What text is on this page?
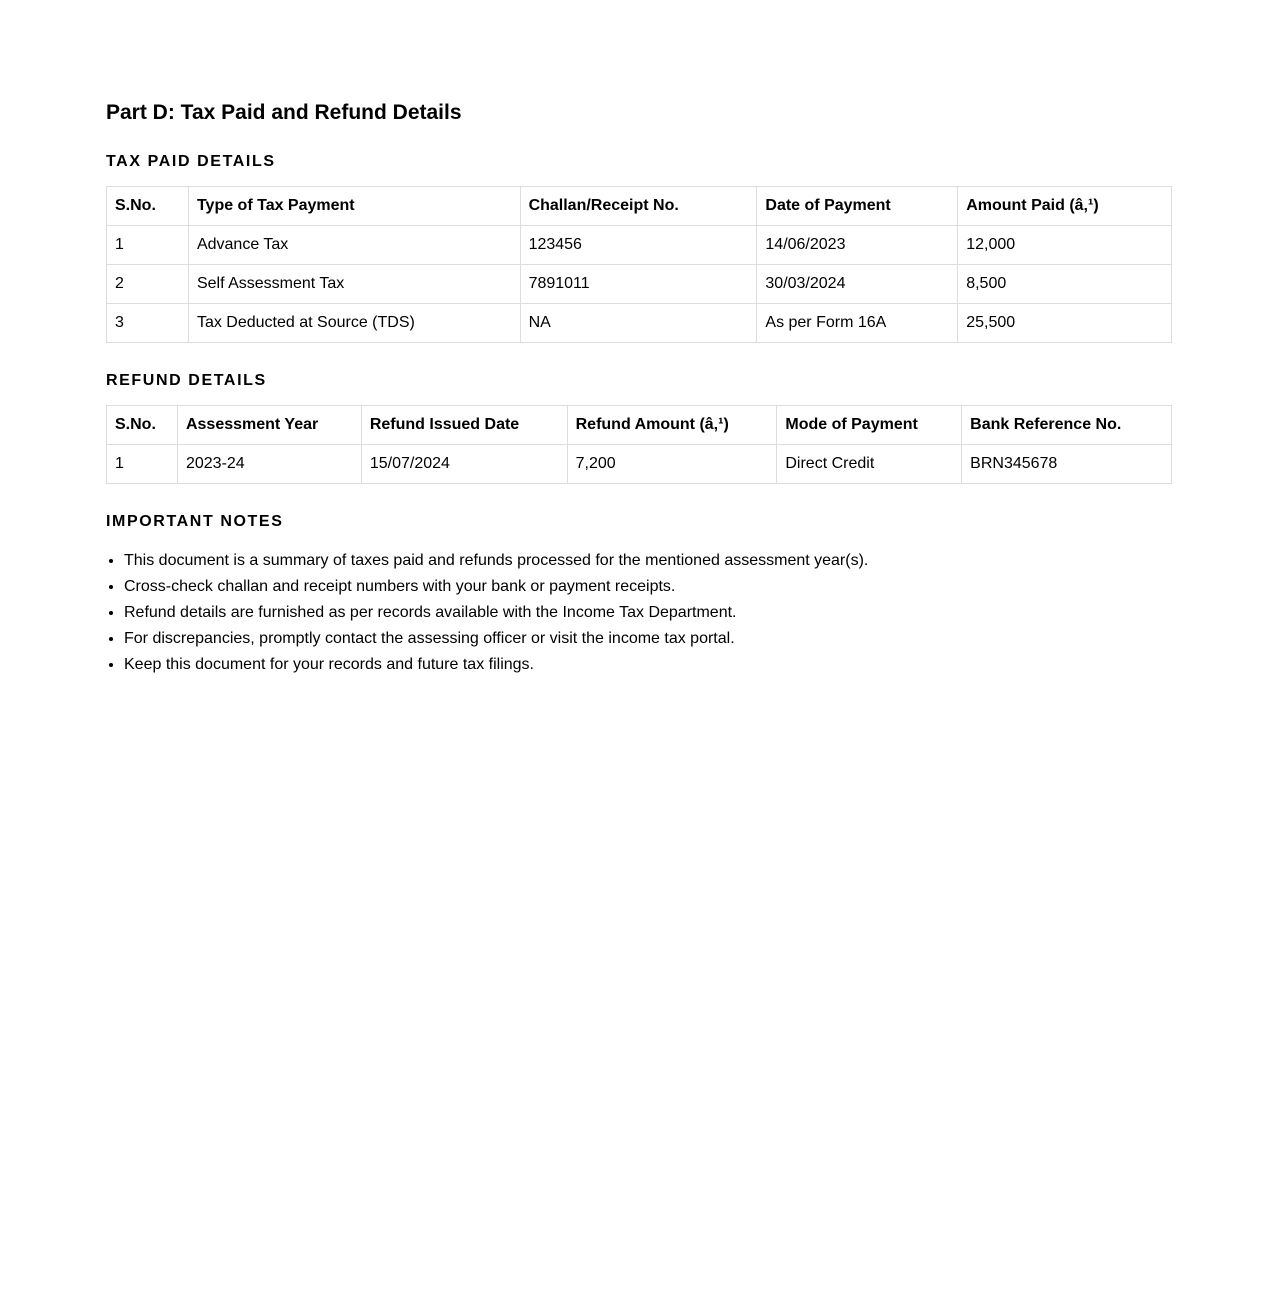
Part D: Tax Paid and Refund Details
TAX PAID DETAILS
S.No.	Type of Tax Payment	Challan/Receipt No.	Date of Payment	Amount Paid (â‚¹)
1	Advance Tax	123456	14/06/2023	12,000
2	Self Assessment Tax	7891011	30/03/2024	8,500
3	Tax Deducted at Source (TDS)	NA	As per Form 16A	25,500
REFUND DETAILS
S.No.	Assessment Year	Refund Issued Date	Refund Amount (â‚¹)	Mode of Payment	Bank Reference No.
1	2023-24	15/07/2024	7,200	Direct Credit	BRN345678
IMPORTANT NOTES
• This document is a summary of taxes paid and refunds processed for the mentioned assessment year(s).
• Cross-check challan and receipt numbers with your bank or payment receipts.
• Refund details are furnished as per records available with the Income Tax Department.
• For discrepancies, promptly contact the assessing officer or visit the income tax portal.
• Keep this document for your records and future tax filings.
